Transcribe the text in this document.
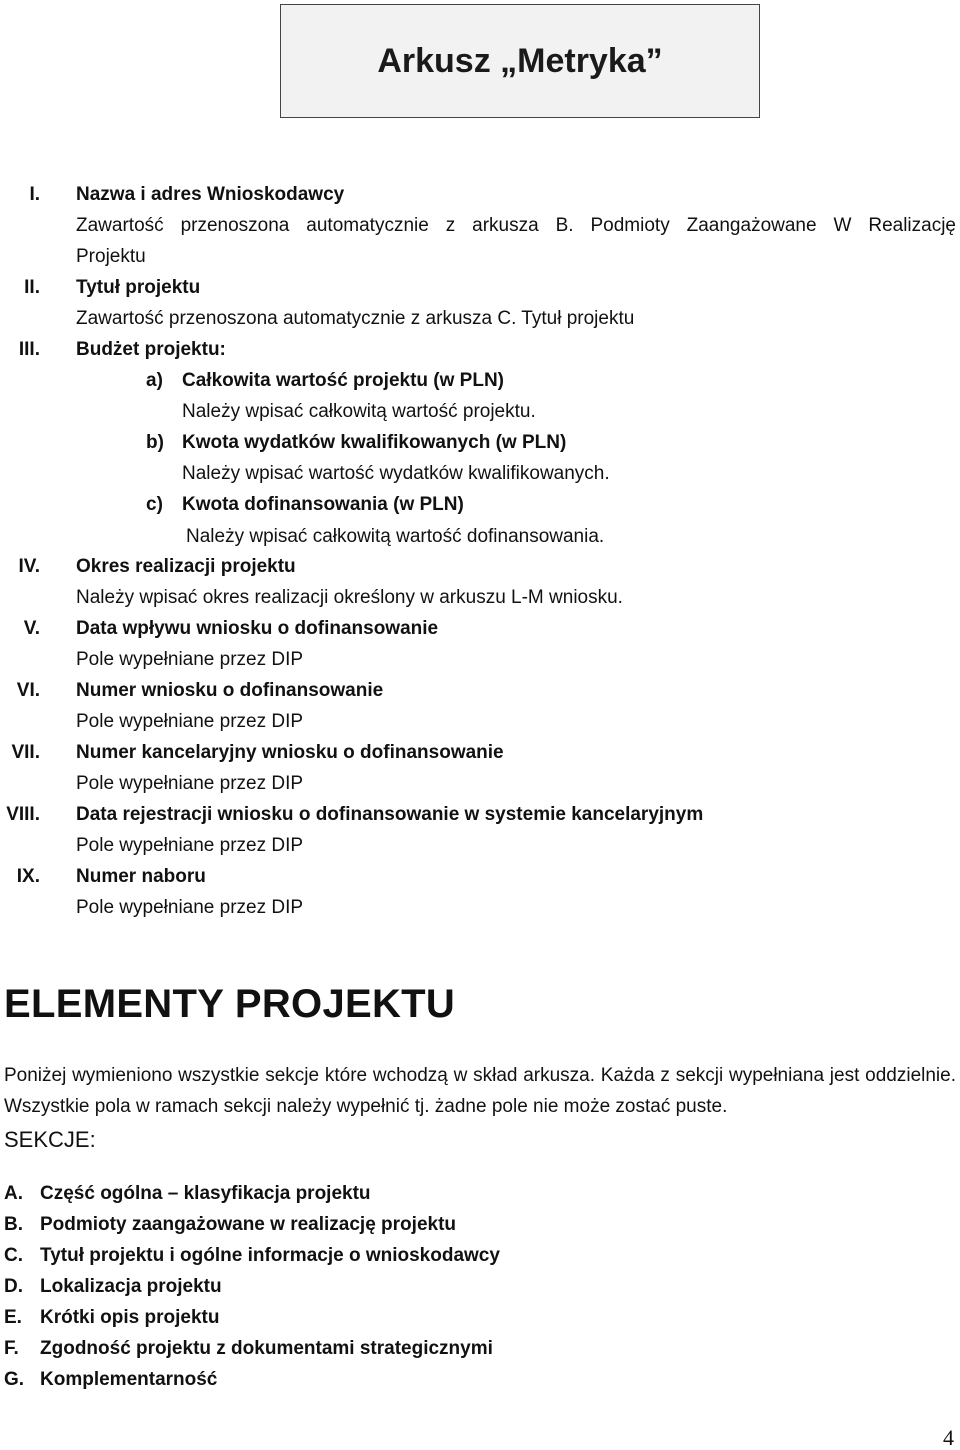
Arkusz „Metryka”
I. Nazwa i adres Wnioskodawcy
Zawartość przenoszona automatycznie z arkusza B. Podmioty Zaangażowane W Realizację
Projektu
II. Tytuł projektu
Zawartość przenoszona automatycznie z arkusza C. Tytuł projektu
III. Budżet projektu:
a) Całkowita wartość projektu (w PLN)
Należy wpisać całkowitą wartość projektu.
b) Kwota wydatków kwalifikowanych (w PLN)
Należy wpisać wartość wydatków kwalifikowanych.
c) Kwota dofinansowania (w PLN)
Należy wpisać całkowitą wartość dofinansowania.
IV. Okres realizacji projektu
Należy wpisać okres realizacji określony w arkuszu L-M wniosku.
V. Data wpływu wniosku o dofinansowanie
Pole wypełniane przez DIP
VI. Numer wniosku o dofinansowanie
Pole wypełniane przez DIP
VII. Numer kancelaryjny wniosku o dofinansowanie
Pole wypełniane przez DIP
VIII. Data rejestracji wniosku o dofinansowanie w systemie kancelaryjnym
Pole wypełniane przez DIP
IX. Numer naboru
Pole wypełniane przez DIP
ELEMENTY PROJEKTU
Poniżej wymieniono wszystkie sekcje które wchodzą w skład arkusza. Każda z sekcji wypełniana jest oddzielnie. Wszystkie pola w ramach sekcji należy wypełnić tj. żadne pole nie może zostać puste.
SEKCJE:
A. Część ogólna – klasyfikacja projektu
B. Podmioty zaangażowane w realizację projektu
C. Tytuł projektu i ogólne informacje o wnioskodawcy
D. Lokalizacja projektu
E. Krótki opis projektu
F.	Zgodność projektu z dokumentami strategicznymi
G. Komplementarność
4
